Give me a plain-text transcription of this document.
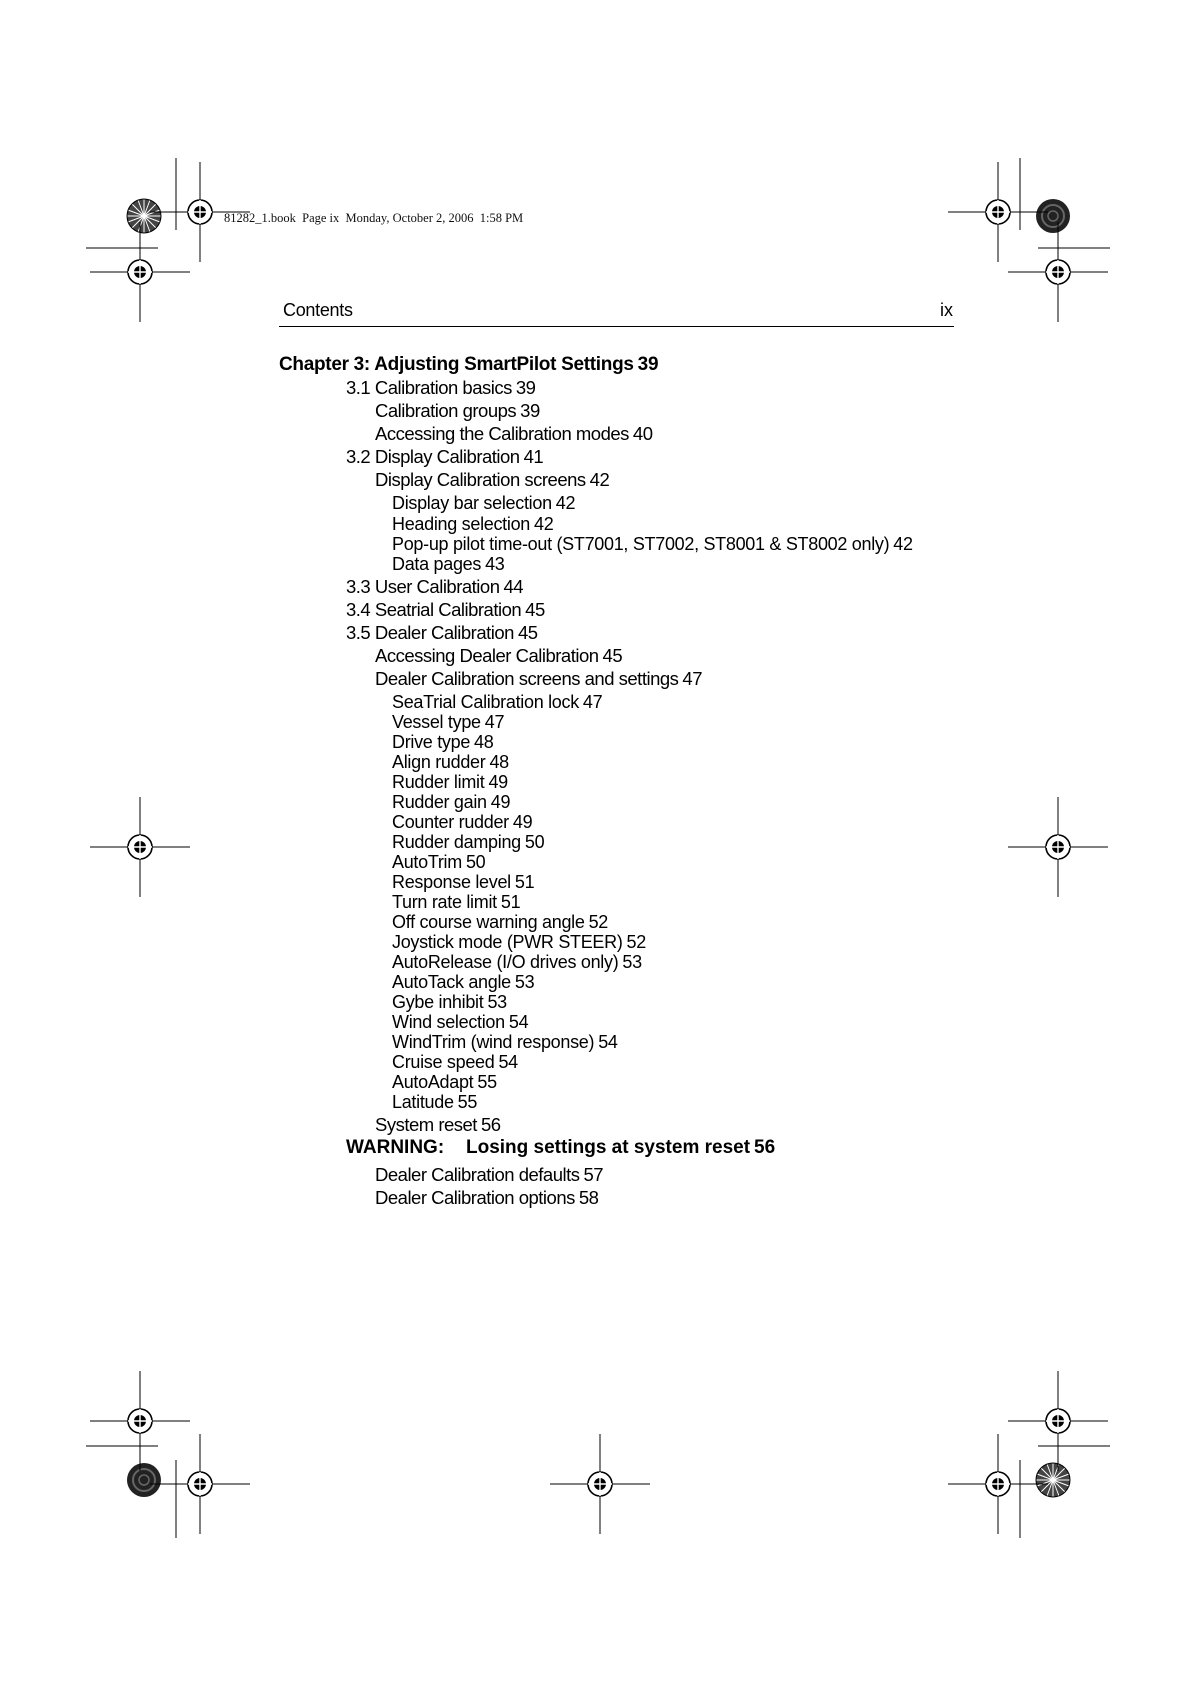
81282_1.book  Page ix  Monday, October 2, 2006  1:58 PM
Contents	ix
Chapter 3: Adjusting SmartPilot Settings 39
3.1 Calibration basics 39
Calibration groups 39
Accessing the Calibration modes 40
3.2 Display Calibration 41
Display Calibration screens 42
Display bar selection 42
Heading selection 42
Pop-up pilot time-out (ST7001, ST7002, ST8001 & ST8002 only) 42
Data pages 43
3.3 User Calibration 44
3.4 Seatrial Calibration 45
3.5 Dealer Calibration 45
Accessing Dealer Calibration 45
Dealer Calibration screens and settings 47
SeaTrial Calibration lock 47
Vessel type 47
Drive type 48
Align rudder 48
Rudder limit 49
Rudder gain 49
Counter rudder 49
Rudder damping 50
AutoTrim 50
Response level 51
Turn rate limit 51
Off course warning angle 52
Joystick mode (PWR STEER) 52
AutoRelease (I/O drives only) 53
AutoTack angle 53
Gybe inhibit 53
Wind selection 54
WindTrim (wind response) 54
Cruise speed 54
AutoAdapt 55
Latitude 55
System reset 56
WARNING: Losing settings at system reset 56
Dealer Calibration defaults 57
Dealer Calibration options 58
